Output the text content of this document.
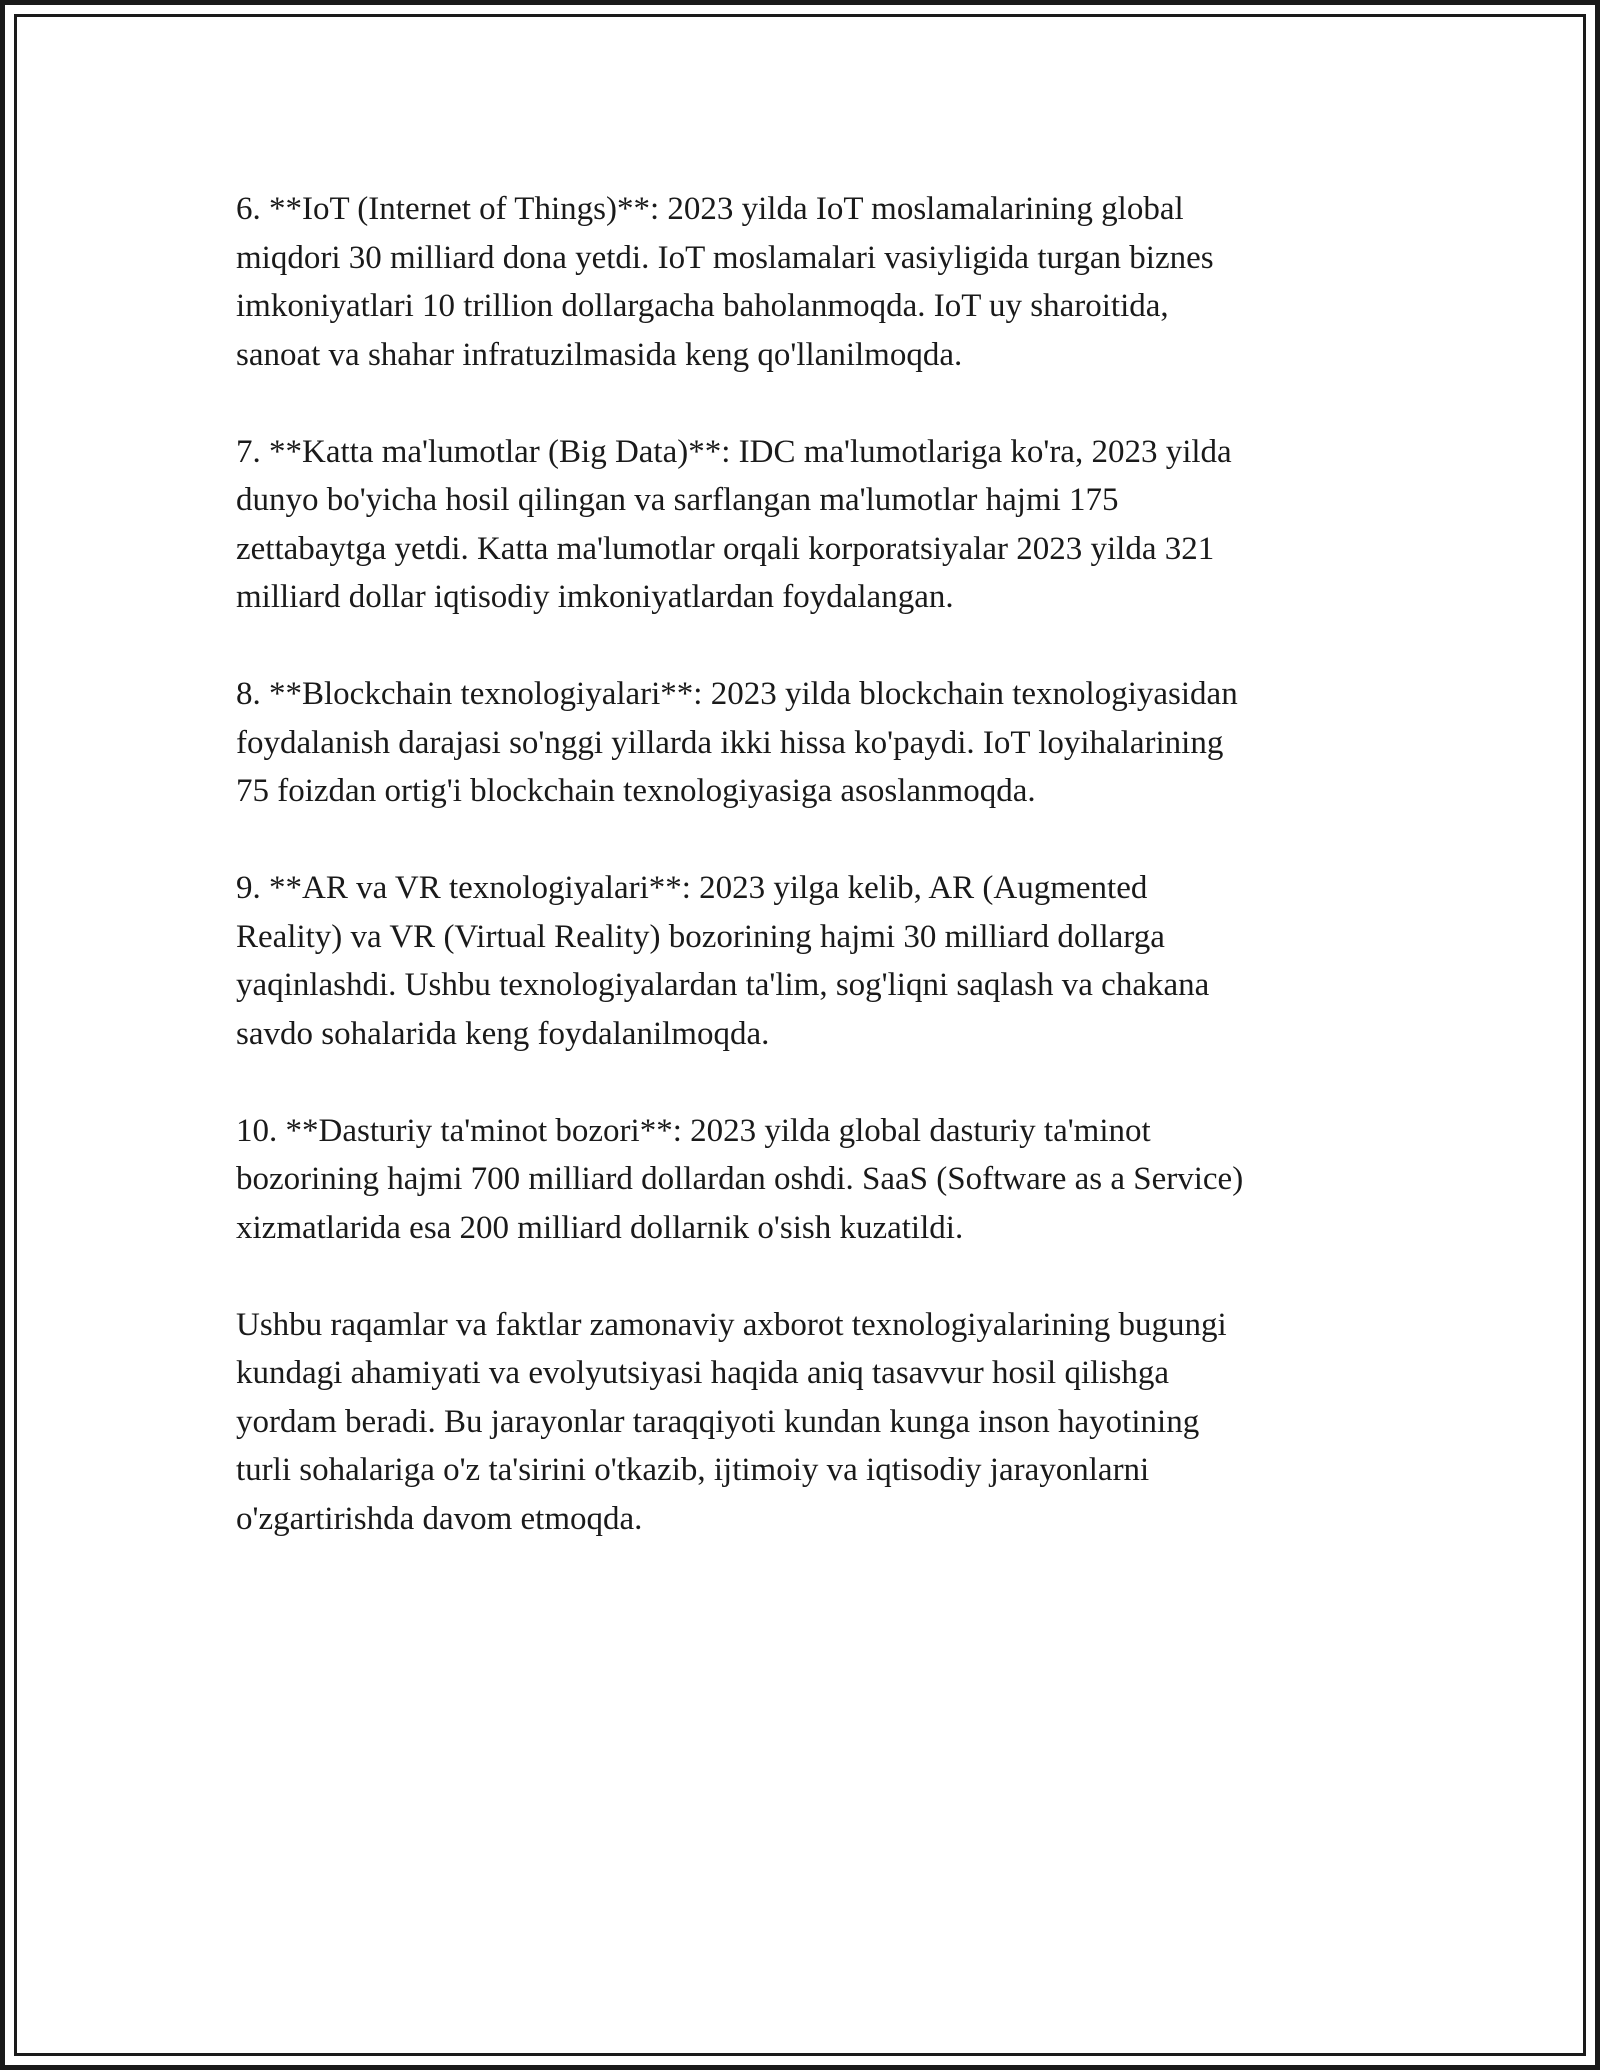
6. **IoT (Internet of Things)**: 2023 yilda IoT moslamalarining global
miqdori 30 milliard dona yetdi. IoT moslamalari vasiyligida turgan biznes
imkoniyatlari 10 trillion dollargacha baholanmoqda. IoT uy sharoitida,
sanoat va shahar infratuzilmasida keng qo'llanilmoqda.

7. **Katta ma'lumotlar (Big Data)**: IDC ma'lumotlariga ko'ra, 2023 yilda
dunyo bo'yicha hosil qilingan va sarflangan ma'lumotlar hajmi 175
zettabaytga yetdi. Katta ma'lumotlar orqali korporatsiyalar 2023 yilda 321
milliard dollar iqtisodiy imkoniyatlardan foydalangan.

8. **Blockchain texnologiyalari**: 2023 yilda blockchain texnologiyasidan
foydalanish darajasi so'nggi yillarda ikki hissa ko'paydi. IoT loyihalarining
75 foizdan ortig'i blockchain texnologiyasiga asoslanmoqda.

9. **AR va VR texnologiyalari**: 2023 yilga kelib, AR (Augmented
Reality) va VR (Virtual Reality) bozorining hajmi 30 milliard dollarga
yaqinlashdi. Ushbu texnologiyalardan ta'lim, sog'liqni saqlash va chakana
savdo sohalarida keng foydalanilmoqda.

10. **Dasturiy ta'minot bozori**: 2023 yilda global dasturiy ta'minot
bozorining hajmi 700 milliard dollardan oshdi. SaaS (Software as a Service)
xizmatlarida esa 200 milliard dollarnik o'sish kuzatildi.

Ushbu raqamlar va faktlar zamonaviy axborot texnologiyalarining bugungi
kundagi ahamiyati va evolyutsiyasi haqida aniq tasavvur hosil qilishga
yordam beradi. Bu jarayonlar taraqqiyoti kundan kunga inson hayotining
turli sohalariga o'z ta'sirini o'tkazib, ijtimoiy va iqtisodiy jarayonlarni
o'zgartirishda davom etmoqda.
